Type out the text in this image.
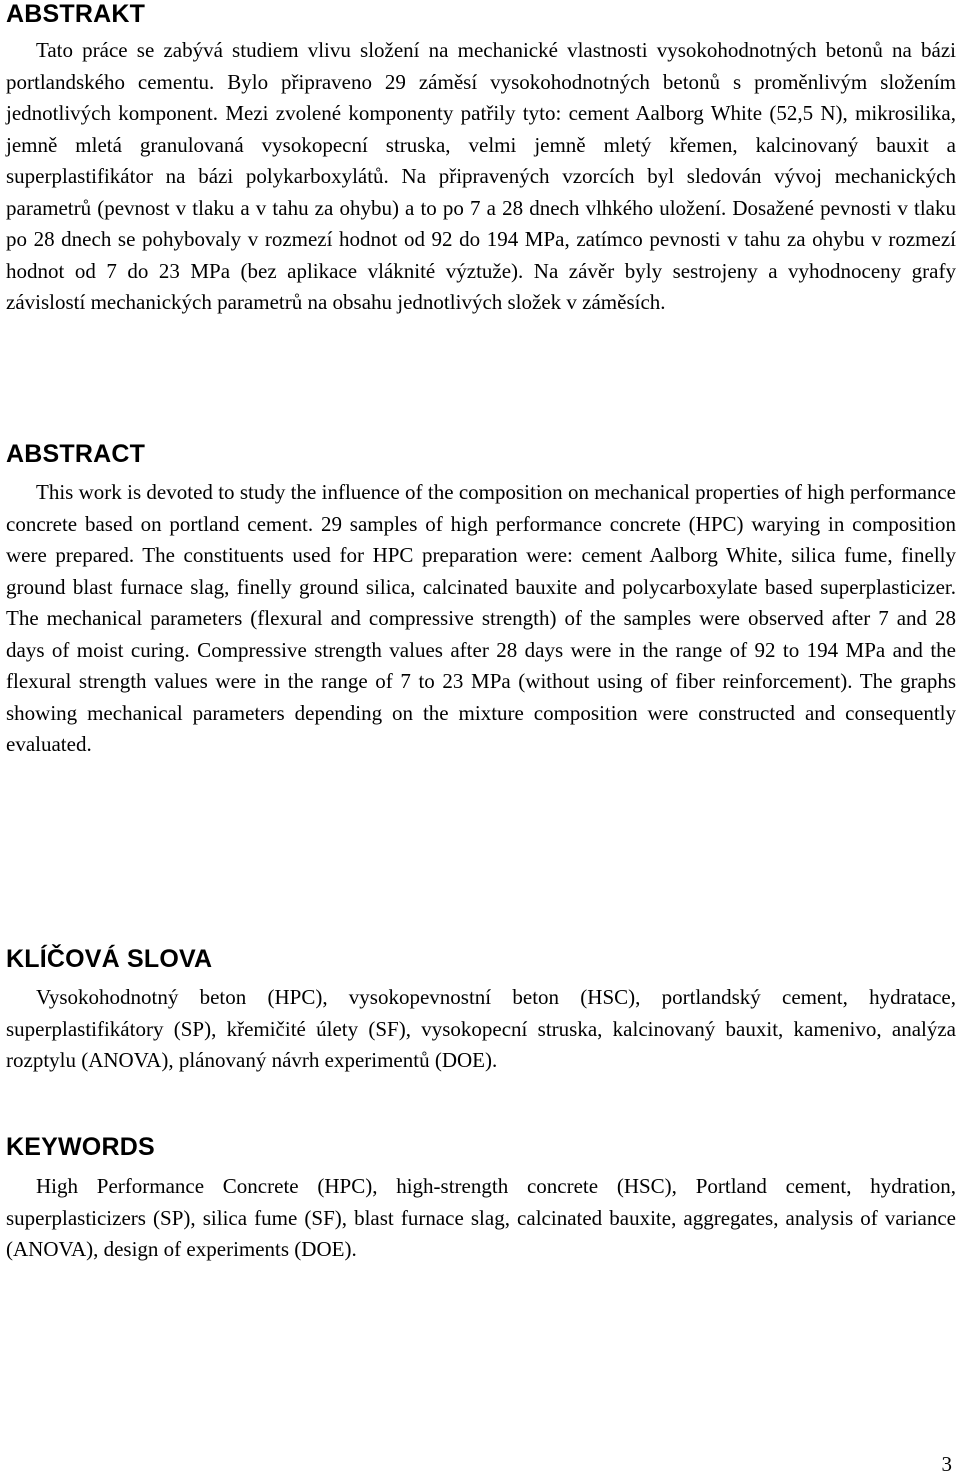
ABSTRAKT

Tato práce se zabývá studiem vlivu složení na mechanické vlastnosti vysokohodnotných betonů na bázi portlandského cementu. Bylo připraveno 29 záměsí vysokohodnotných betonů s proměnlivým složením jednotlivých komponent. Mezi zvolené komponenty patřily tyto: cement Aalborg White (52,5 N), mikrosilika, jemně mletá granulovaná vysokopecní struska, velmi jemně mletý křemen, kalcinovaný bauxit a superplastifikátor na bázi polykarboxylátů. Na připravených vzorcích byl sledován vývoj mechanických parametrů (pevnost v tlaku a v tahu za ohybu) a to po 7 a 28 dnech vlhkého uložení. Dosažené pevnosti v tlaku po 28 dnech se pohybovaly v rozmezí hodnot od 92 do 194 MPa, zatímco pevnosti v tahu za ohybu v rozmezí hodnot od 7 do 23 MPa (bez aplikace vláknité výztuže). Na závěr byly sestrojeny a vyhodnoceny grafy závislostí mechanických parametrů na obsahu jednotlivých složek v záměsích.

ABSTRACT

This work is devoted to study the influence of the composition on mechanical properties of high performance concrete based on portland cement. 29 samples of high performance concrete (HPC) warying in composition were prepared. The constituents used for HPC preparation were: cement Aalborg White, silica fume, finelly ground blast furnace slag, finelly ground silica, calcinated bauxite and polycarboxylate based superplasticizer. The mechanical parameters (flexural and compressive strength) of the samples were observed after 7 and 28 days of moist curing. Compressive strength values after 28 days were in the range of 92 to 194 MPa and the flexural strength values were in the range of 7 to 23 MPa (without using of fiber reinforcement). The graphs showing mechanical parameters depending on the mixture composition were constructed and consequently evaluated.

KLÍČOVÁ SLOVA

Vysokohodnotný beton (HPC), vysokopevnostní beton (HSC), portlandský cement, hydratace, superplastifikátory (SP), křemičité úlety (SF), vysokopecní struska, kalcinovaný bauxit, kamenivo, analýza rozptylu (ANOVA), plánovaný návrh experimentů (DOE).

KEYWORDS

High Performance Concrete (HPC), high-strength concrete (HSC), Portland cement, hydration, superplasticizers (SP), silica fume (SF), blast furnace slag, calcinated bauxite, aggregates, analysis of variance (ANOVA), design of experiments (DOE).

3
